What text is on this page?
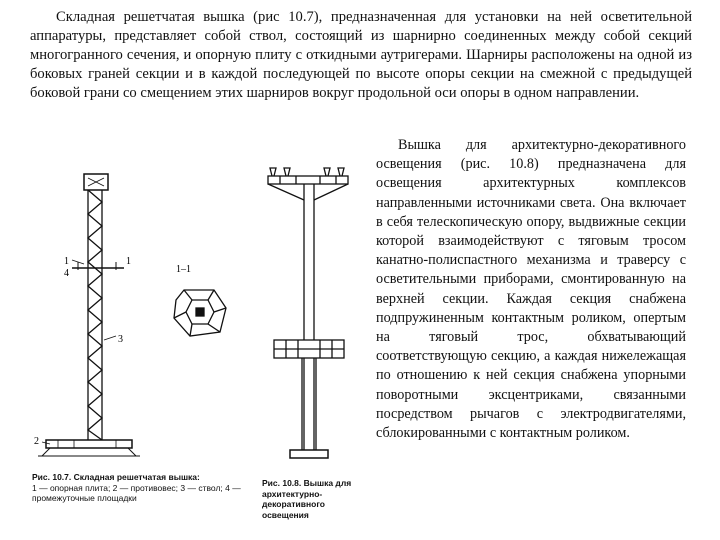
Складная решетчатая вышка (рис 10.7), предназначенная для установки на ней осветительной аппаратуры, представляет собой ствол, состоящий из шарнирно соединенных между собой секций многогранного сечения, и опорную плиту с откидными аутригерами. Шарниры расположены на одной из боковых граней секции и в каждой последующей по высоте опоры секции на смежной с предыдущей боковой грани со смещением этих шарниров вокруг продольной оси опоры в одном направлении.
1
4
3
2
1
1–1
Рис. 10.7. Складная решетчатая вышка:
1 — опорная плита; 2 — противовес; 3 — ствол; 4 — промежуточные площадки
Рис. 10.8. Вышка для архитектурно-декоративного освещения
Вышка для архитектурно-декоративного освещения (рис. 10.8) предназначена для освещения архитектурных комплексов направленными источниками света. Она включает в себя телескопическую опору, выдвижные секции которой взаимодействуют с тяговым тросом канатно-полиспастного механизма и траверсу с осветительными приборами, смонтированную на верхней секции. Каждая секция снабжена подпружиненным контактным роликом, опертым на тяговый трос, обхватывающий соответствующую секцию, а каждая нижележащая по отношению к ней секция снабжена упорными поворотными эксцентриками, связанными посредством рычагов с электродвигателями, сблокированными с контактным роликом.
